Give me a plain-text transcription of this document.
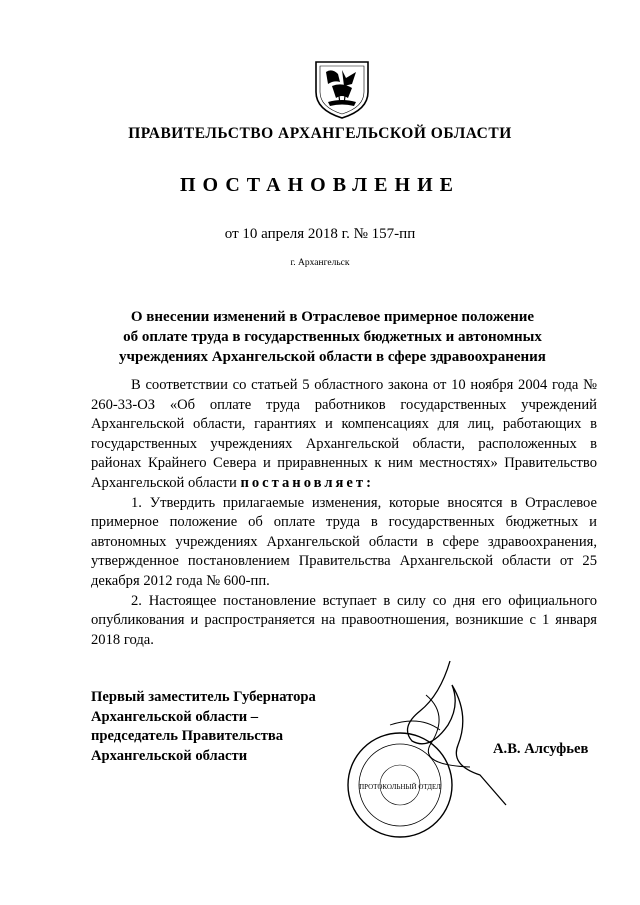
ПРАВИТЕЛЬСТВО АРХАНГЕЛЬСКОЙ ОБЛАСТИ
ПОСТАНОВЛЕНИЕ
от 10 апреля 2018 г. № 157-пп
г. Архангельск
О внесении изменений в Отраслевое примерное положение
об оплате труда в государственных бюджетных и автономных
учреждениях Архангельской области в сфере здравоохранения

В соответствии со статьей 5 областного закона от 10 ноября 2004 года № 260-33-ОЗ «Об оплате труда работников государственных учреждений Архангельской области, гарантиях и компенсациях для лиц, работающих в государственных учреждениях Архангельской области, расположенных в районах Крайнего Севера и приравненных к ним местностях» Правительство Архангельской области постановляет:

1. Утвердить прилагаемые изменения, которые вносятся в Отраслевое примерное положение об оплате труда в государственных бюджетных и автономных учреждениях Архангельской области в сфере здравоохранения, утвержденное постановлением Правительства Архангельской области от 25 декабря 2012 года № 600-пп.

2. Настоящее постановление вступает в силу со дня его официального опубликования и распространяется на правоотношения, возникшие с 1 января 2018 года.

Первый заместитель Губернатора
Архангельской области –
председатель Правительства
Архангельской области
ПРОТОКОЛЬНЫЙ ОТДЕЛ
А.В. Алсуфьев
